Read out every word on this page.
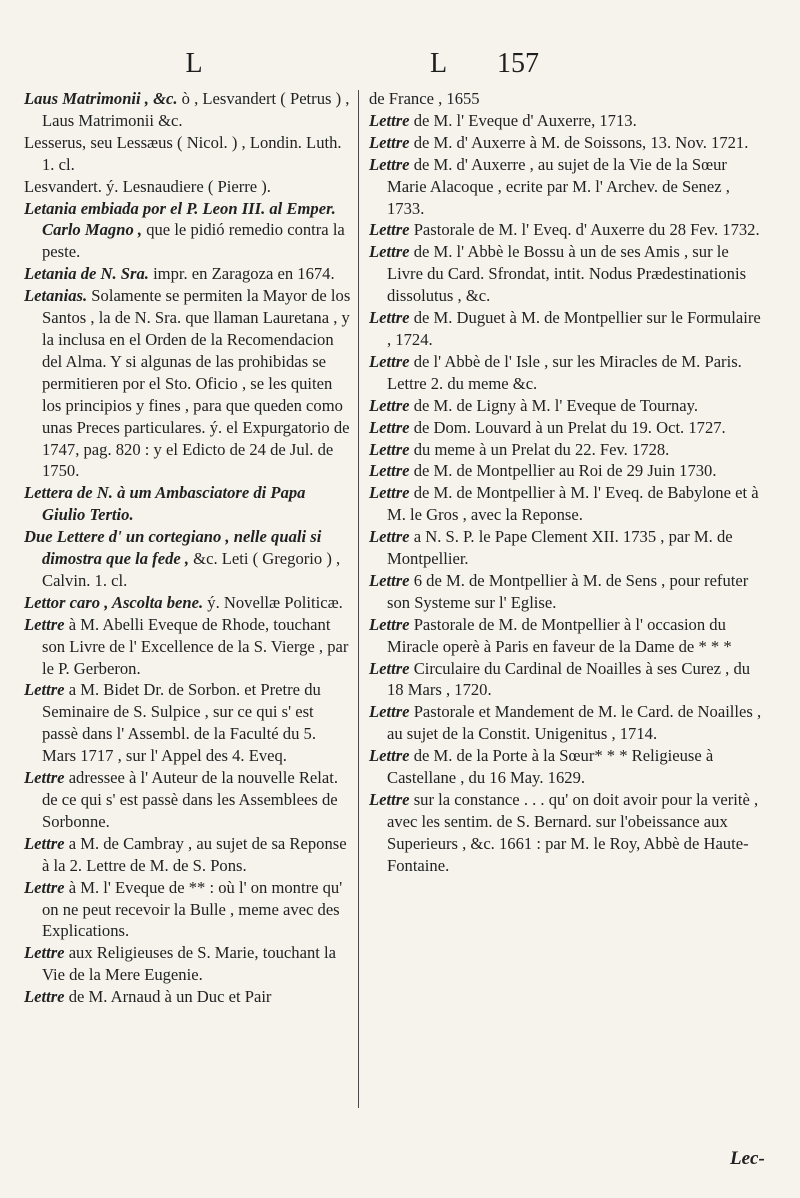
L	L 157

Laus Matrimonii , &c. ò , Lesvandert ( Petrus ) , Laus Matrimonii &c.

Lesserus, seu Lessæus ( Nicol. ) , Londin. Luth. 1. cl.

Lesvandert. ý. Lesnaudiere ( Pierre ).

Letania embiada por el P. Leon III. al Emper. Carlo Magno , que le pidió remedio contra la peste.

Letania de N. Sra. impr. en Zaragoza en 1674.

Letanias. Solamente se permiten la Mayor de los Santos , la de N. Sra. que llaman Lauretana , y la inclusa en el Orden de la Recomendacion del Alma. Y si algunas de las prohibidas se permitieren por el Sto. Oficio , se les quiten los principios y fines , para que queden como unas Preces particulares. ý. el Expurgatorio de 1747, pag. 820 : y el Edicto de 24 de Jul. de 1750.

Lettera de N. à um Ambasciatore di Papa Giulio Tertio.

Due Lettere d' un cortegiano , nelle quali si dimostra que la fede , &c. Leti ( Gregorio ) , Calvin. 1. cl.

Lettor caro , Ascolta bene. ý. Novellæ Politicæ.

Lettre à M. Abelli Eveque de Rhode, touchant son Livre de l' Excellence de la S. Vierge , par le P. Gerberon.

Lettre a M. Bidet Dr. de Sorbon. et Pretre du Seminaire de S. Sulpice , sur ce qui s' est passè dans l' Assembl. de la Faculté du 5. Mars 1717 , sur l' Appel des 4. Eveq.

Lettre adressee à l' Auteur de la nouvelle Relat. de ce qui s' est passè dans les Assemblees de Sorbonne.

Lettre a M. de Cambray , au sujet de sa Reponse à la 2. Lettre de M. de S. Pons.

Lettre à M. l' Eveque de ** : où l' on montre qu' on ne peut recevoir la Bulle , meme avec des Explications.

Lettre aux Religieuses de S. Marie, touchant la Vie de la Mere Eugenie.

Lettre de M. Arnaud à un Duc et Pair

de France , 1655

Lettre de M. l' Eveque d' Auxerre, 1713.

Lettre de M. d' Auxerre à M. de Soissons, 13. Nov. 1721.

Lettre de M. d' Auxerre , au sujet de la Vie de la Sœur Marie Alacoque , ecrite par M. l' Archev. de Senez , 1733.

Lettre Pastorale de M. l' Eveq. d' Auxerre du 28 Fev. 1732.

Lettre de M. l' Abbè le Bossu à un de ses Amis , sur le Livre du Card. Sfrondat, intit. Nodus Prædestinationis dissolutus , &c.

Lettre de M. Duguet à M. de Montpellier sur le Formulaire , 1724.

Lettre de l' Abbè de l' Isle , sur les Miracles de M. Paris. Lettre 2. du meme &c.

Lettre de M. de Ligny à M. l' Eveque de Tournay.

Lettre de Dom. Louvard à un Prelat du 19. Oct. 1727.

Lettre du meme à un Prelat du 22. Fev. 1728.

Lettre de M. de Montpellier au Roi de 29 Juin 1730.

Lettre de M. de Montpellier à M. l' Eveq. de Babylone et à M. le Gros , avec la Reponse.

Lettre a N. S. P. le Pape Clement XII. 1735 , par M. de Montpellier.

Lettre 6 de M. de Montpellier à M. de Sens , pour refuter son Systeme sur l' Eglise.

Lettre Pastorale de M. de Montpellier à l' occasion du Miracle operè à Paris en faveur de la Dame de * * *

Lettre Circulaire du Cardinal de Noailles à ses Curez , du 18 Mars , 1720.

Lettre Pastorale et Mandement de M. le Card. de Noailles , au sujet de la Constit. Unigenitus , 1714.

Lettre de M. de la Porte à la Sœur* * * Religieuse à Castellane , du 16 May. 1629.

Lettre sur la constance . . . qu' on doit avoir pour la veritè , avec les sentim. de S. Bernard. sur l'obeissance aux Superieurs , &c. 1661 : par M. le Roy, Abbè de Haute-Fontaine.

Lec-
